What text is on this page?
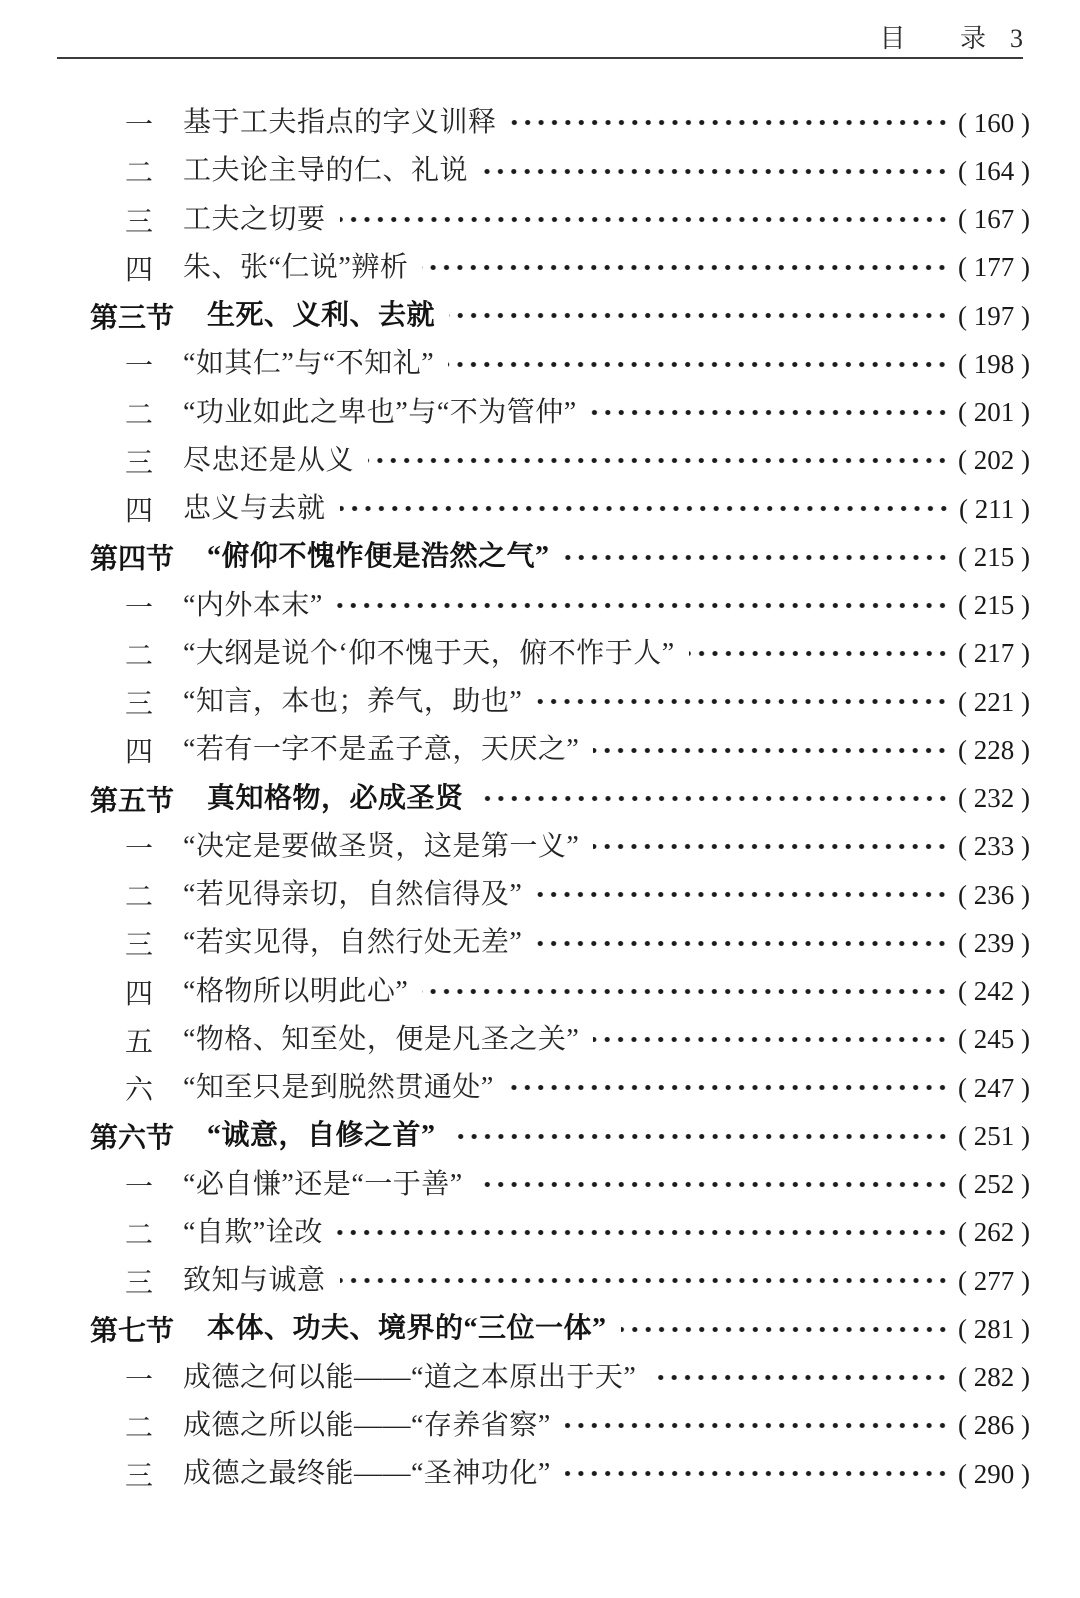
目 录 3
一	基于工夫指点的字义训释	( 160 )
二	工夫论主导的仁、礼说	( 164 )
三	工夫之切要	( 167 )
四	朱、张“仁说”辨析	( 177 )
第三节 生死、义利、去就	( 197 )
一	“如其仁”与“不知礼”	( 198 )
二	“功业如此之卑也”与“不为管仲”	( 201 )
三	尽忠还是从义	( 202 )
四	忠义与去就	( 211 )
第四节 “俯仰不愧怍便是浩然之气”	( 215 )
一	“内外本末”	( 215 )
二	“大纲是说个‘仰不愧于天，俯不怍于人”	( 217 )
三	“知言，本也；养气，助也”	( 221 )
四	“若有一字不是孟子意，天厌之”	( 228 )
第五节 真知格物，必成圣贤	( 232 )
一	“决定是要做圣贤，这是第一义”	( 233 )
二	“若见得亲切，自然信得及”	( 236 )
三	“若实见得，自然行处无差”	( 239 )
四	“格物所以明此心”	( 242 )
五	“物格、知至处，便是凡圣之关”	( 245 )
六	“知至只是到脱然贯通处”	( 247 )
第六节 “诚意，自修之首”	( 251 )
一	“必自慊”还是“一于善”	( 252 )
二	“自欺”诠改	( 262 )
三	致知与诚意	( 277 )
第七节 本体、功夫、境界的“三位一体”	( 281 )
一	成德之何以能——“道之本原出于天”	( 282 )
二	成德之所以能——“存养省察”	( 286 )
三	成德之最终能——“圣神功化”	( 290 )
